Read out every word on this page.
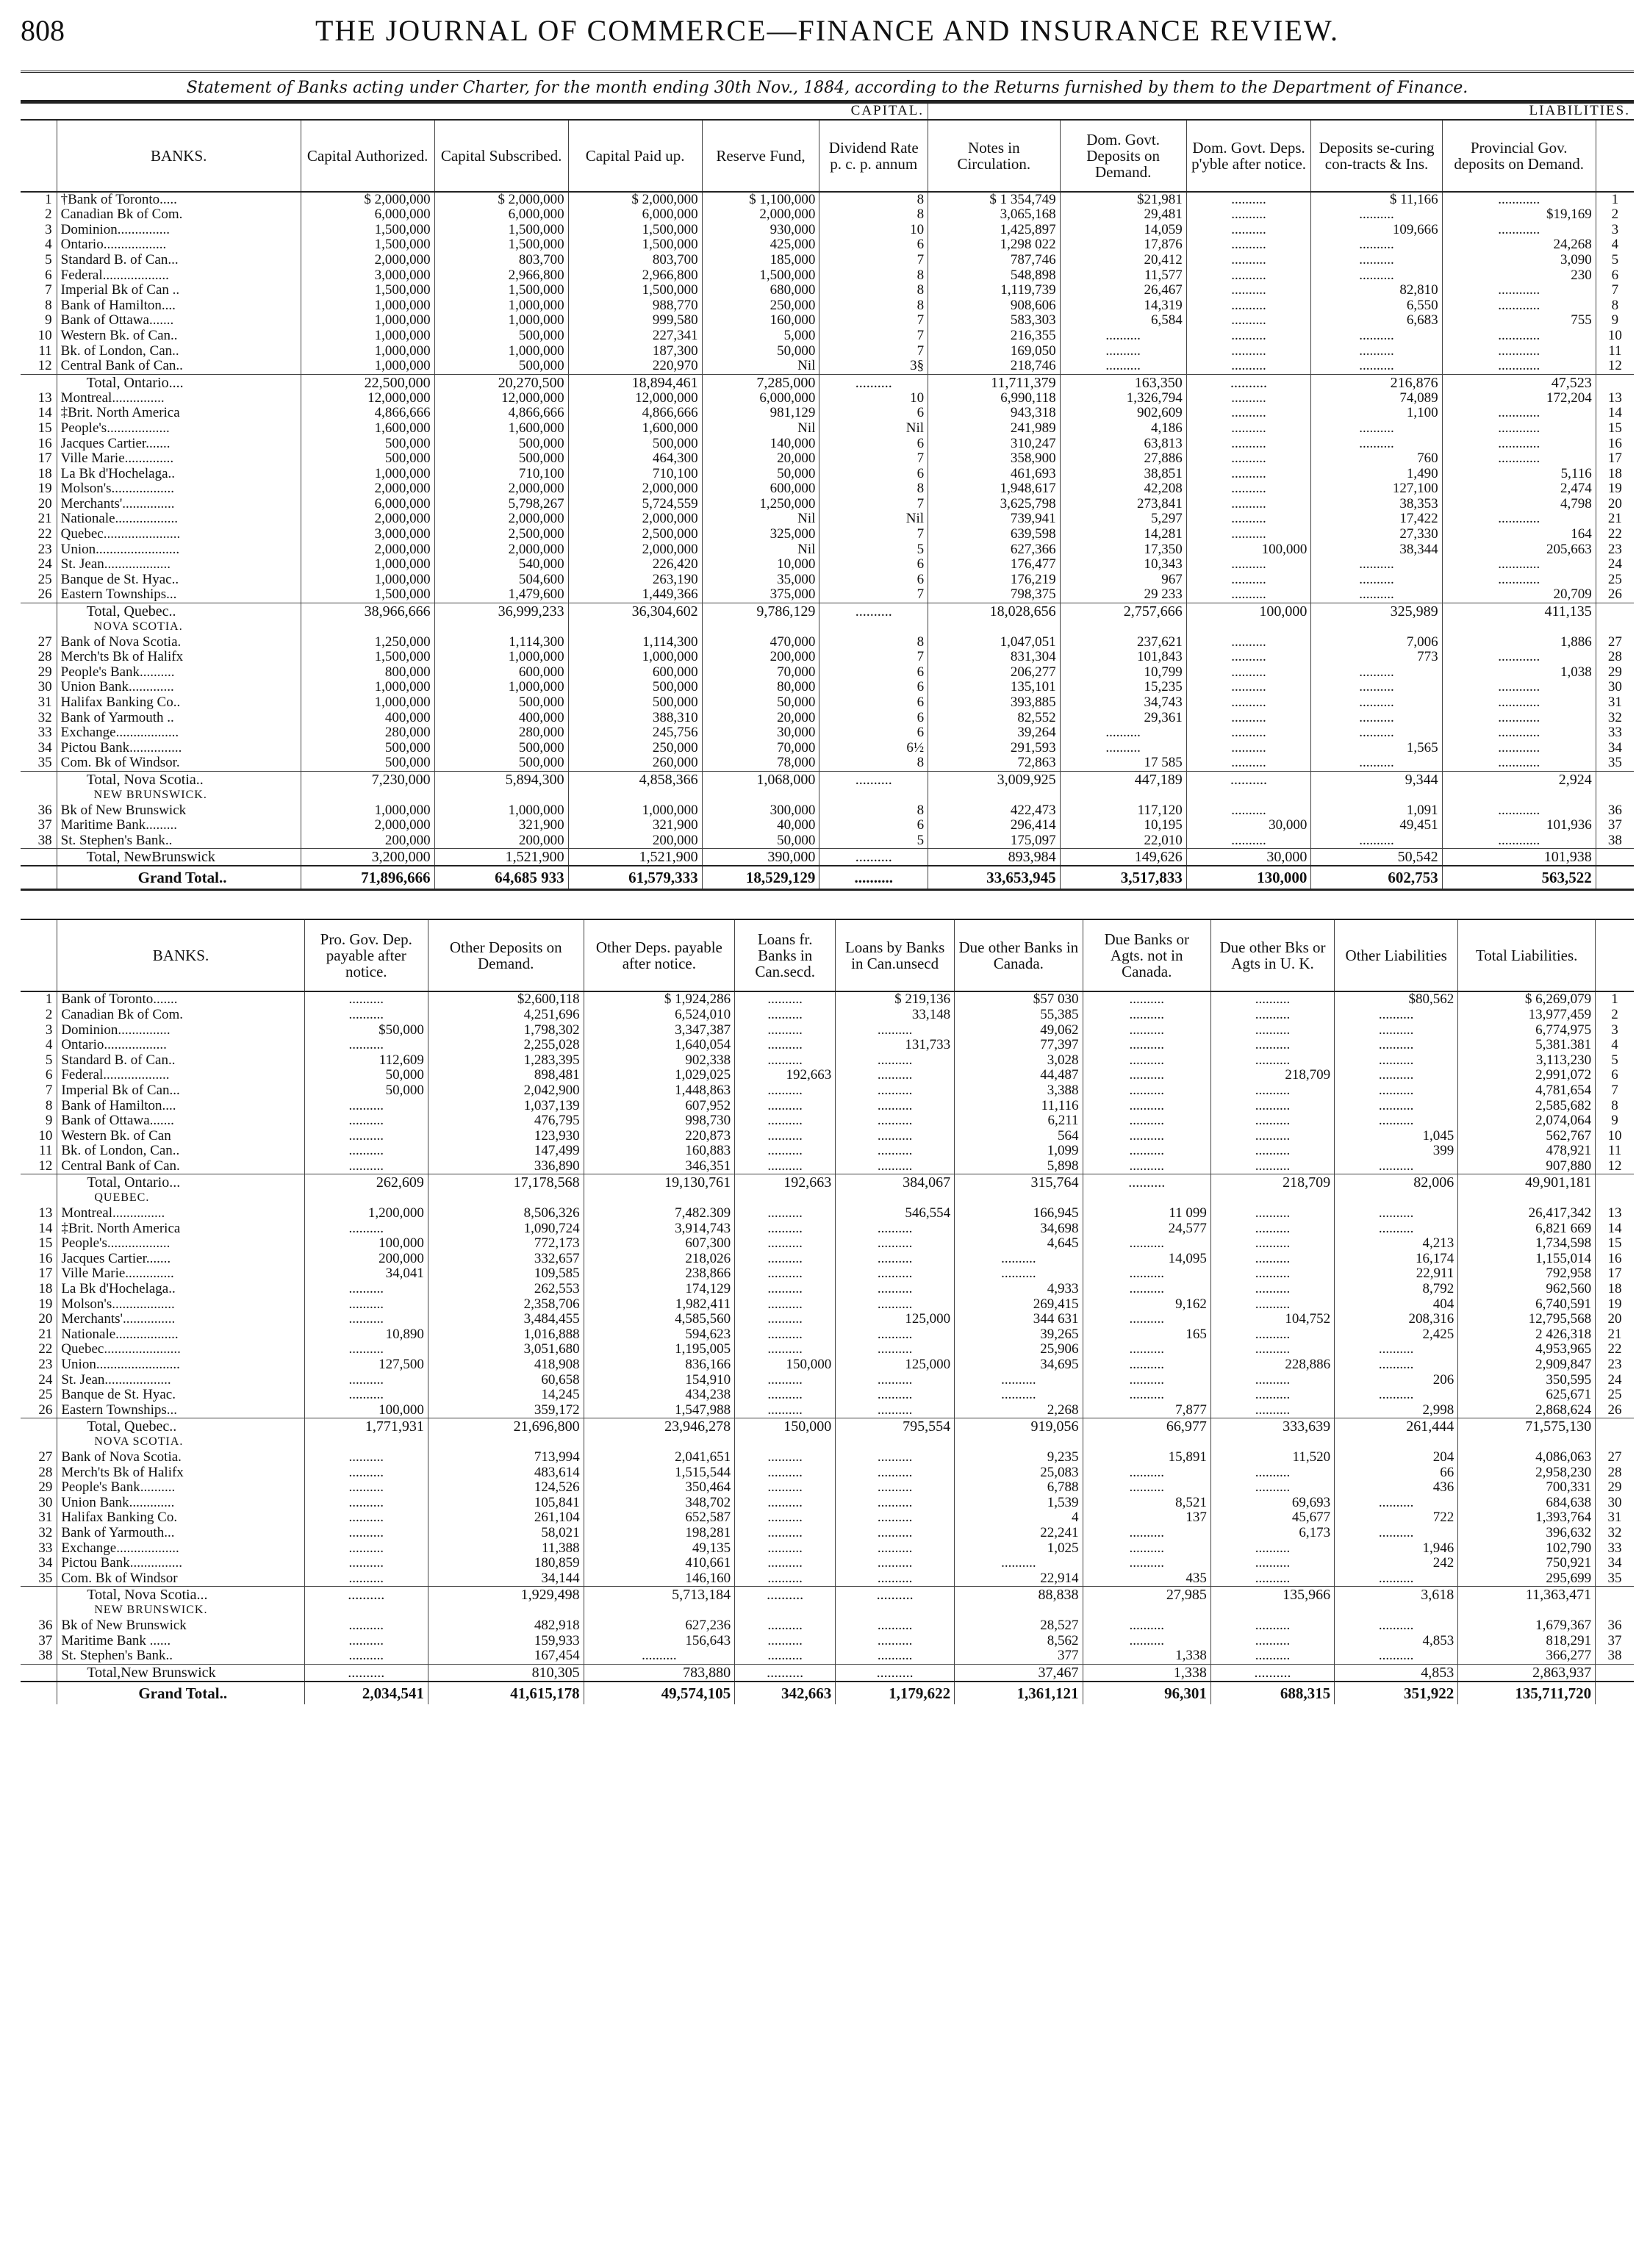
808	THE JOURNAL OF COMMERCE—FINANCE AND INSURANCE REVIEW.
Statement of Banks acting under Charter, for the month ending 30th Nov., 1884, according to the Returns furnished by them to the Department of Finance.
CAPITAL.							LIABILITIES.					
	BANKS.	Capital Authorized.	Capital Subscribed.	Capital Paid up.	Reserve Fund,	Dividend Rate p. c. p. annum	Notes in Circulation.	Dom. Govt. Deposits on Demand.	Dom. Govt. Deps. p'yble after notice.	Deposits se-curing con-tracts & Ins.	Provincial Gov. deposits on Demand.	
1	†Bank of Toronto.....	$ 2,000,000	$ 2,000,000	$ 2,000,000	$ 1,100,000	8	$ 1 354,749	$21,981	..........	$ 11,166	............	1
2	Canadian Bk of Com.	6,000,000	6,000,000	6,000,000	2,000,000	8	3,065,168	29,481	..........	..........	$19,169	2
3	Dominion...............	1,500,000	1,500,000	1,500,000	930,000	10	1,425,897	14,059	..........	109,666	............	3
4	Ontario..................	1,500,000	1,500,000	1,500,000	425,000	6	1,298 022	17,876	..........	..........	24,268	4
5	Standard B. of Can...	2,000,000	803,700	803,700	185,000	7	787,746	20,412	..........	..........	3,090	5
6	Federal...................	3,000,000	2,966,800	2,966,800	1,500,000	8	548,898	11,577	..........	..........	230	6
7	Imperial Bk of Can ..	1,500,000	1,500,000	1,500,000	680,000	8	1,119,739	26,467	..........	82,810	............	7
8	Bank of Hamilton....	1,000,000	1,000,000	988,770	250,000	8	908,606	14,319	..........	6,550	............	8
9	Bank of Ottawa.......	1,000,000	1,000,000	999,580	160,000	7	583,303	6,584	..........	6,683	755	9
10	Western Bk. of Can..	1,000,000	500,000	227,341	5,000	7	216,355	..........	..........	..........	............	10
11	Bk. of London, Can..	1,000,000	1,000,000	187,300	50,000	7	169,050	..........	..........	..........	............	11
12	Central Bank of Can..	1,000,000	500,000	220,970	Nil	3§	218,746	..........	..........	..........	............	12
	Total, Ontario....	22,500,000	20,270,500	18,894,461	7,285,000	..........	11,711,379	163,350	..........	216,876	47,523	
13	Montreal...............	12,000,000	12,000,000	12,000,000	6,000,000	10	6,990,118	1,326,794	..........	74,089	172,204	13
14	‡Brit. North America	4,866,666	4,866,666	4,866,666	981,129	6	943,318	902,609	..........	1,100	............	14
15	People's..................	1,600,000	1,600,000	1,600,000	Nil	Nil	241,989	4,186	..........	..........	............	15
16	Jacques Cartier.......	500,000	500,000	500,000	140,000	6	310,247	63,813	..........	..........	............	16
17	Ville Marie..............	500,000	500,000	464,300	20,000	7	358,900	27,886	..........	760	............	17
18	La Bk d'Hochelaga..	1,000,000	710,100	710,100	50,000	6	461,693	38,851	..........	1,490	5,116	18
19	Molson's..................	2,000,000	2,000,000	2,000,000	600,000	8	1,948,617	42,208	..........	127,100	2,474	19
20	Merchants'...............	6,000,000	5,798,267	5,724,559	1,250,000	7	3,625,798	273,841	..........	38,353	4,798	20
21	Nationale..................	2,000,000	2,000,000	2,000,000	Nil	Nil	739,941	5,297	..........	17,422	............	21
22	Quebec......................	3,000,000	2,500,000	2,500,000	325,000	7	639,598	14,281	..........	27,330	164	22
23	Union........................	2,000,000	2,000,000	2,000,000	Nil	5	627,366	17,350	100,000	38,344	205,663	23
24	St. Jean...................	1,000,000	540,000	226,420	10,000	6	176,477	10,343	..........	..........	............	24
25	Banque de St. Hyac..	1,000,000	504,600	263,190	35,000	6	176,219	967	..........	..........	............	25
26	Eastern Townships...	1,500,000	1,479,600	1,449,366	375,000	7	798,375	29 233	..........	..........	20,709	26
	Total, Quebec..	38,966,666	36,999,233	36,304,602	9,786,129	..........	18,028,656	2,757,666	100,000	325,989	411,135	
	NOVA SCOTIA.											
27	Bank of Nova Scotia.	1,250,000	1,114,300	1,114,300	470,000	8	1,047,051	237,621	..........	7,006	1,886	27
28	Merch'ts Bk of Halifx	1,500,000	1,000,000	1,000,000	200,000	7	831,304	101,843	..........	773	............	28
29	People's Bank..........	800,000	600,000	600,000	70,000	6	206,277	10,799	..........	..........	1,038	29
30	Union Bank.............	1,000,000	1,000,000	500,000	80,000	6	135,101	15,235	..........	..........	............	30
31	Halifax Banking Co..	1,000,000	500,000	500,000	50,000	6	393,885	34,743	..........	..........	............	31
32	Bank of Yarmouth ..	400,000	400,000	388,310	20,000	6	82,552	29,361	..........	..........	............	32
33	Exchange..................	280,000	280,000	245,756	30,000	6	39,264	..........	..........	..........	............	33
34	Pictou Bank...............	500,000	500,000	250,000	70,000	6½	291,593	..........	..........	1,565	............	34
35	Com. Bk of Windsor.	500,000	500,000	260,000	78,000	8	72,863	17 585	..........	..........	............	35
	Total, Nova Scotia..	7,230,000	5,894,300	4,858,366	1,068,000	..........	3,009,925	447,189	..........	9,344	2,924	
	NEW BRUNSWICK.											
36	Bk of New Brunswick	1,000,000	1,000,000	1,000,000	300,000	8	422,473	117,120	..........	1,091	............	36
37	Maritime Bank.........	2,000,000	321,900	321,900	40,000	6	296,414	10,195	30,000	49,451	101,936	37
38	St. Stephen's Bank..	200,000	200,000	200,000	50,000	5	175,097	22,010	..........	..........	............	38
	Total, NewBrunswick	3,200,000	1,521,900	1,521,900	390,000	..........	893,984	149,626	30,000	50,542	101,938	
	Grand Total..	71,896,666	64,685 933	61,579,333	18,529,129	..........	33,653,945	3,517,833	130,000	602,753	563,522	
	BANKS.	Pro. Gov. Dep. payable after notice.	Other Deposits on Demand.	Other Deps. payable after notice.	Loans fr. Banks in Can.secd.	Loans by Banks in Can.unsecd	Due other Banks in Canada.	Due Banks or Agts. not in Canada.	Due other Bks or Agts in U. K.	Other Liabilities	Total Liabilities.	
1	Bank of Toronto.......	..........	$2,600,118	$ 1,924,286	..........	$ 219,136	$57 030	..........	..........	$80,562	$ 6,269,079	1
2	Canadian Bk of Com.	..........	4,251,696	6,524,010	..........	33,148	55,385	..........	..........	..........	13,977,459	2
3	Dominion...............	$50,000	1,798,302	3,347,387	..........	..........	49,062	..........	..........	..........	6,774,975	3
4	Ontario..................	..........	2,255,028	1,640,054	..........	131,733	77,397	..........	..........	..........	5,381.381	4
5	Standard B. of Can..	112,609	1,283,395	902,338	..........	..........	3,028	..........	..........	..........	3,113,230	5
6	Federal...................	50,000	898,481	1,029,025	192,663	..........	44,487	..........	218,709	..........	2,991,072	6
7	Imperial Bk of Can...	50,000	2,042,900	1,448,863	..........	..........	3,388	..........	..........	..........	4,781,654	7
8	Bank of Hamilton....	..........	1,037,139	607,952	..........	..........	11,116	..........	..........	..........	2,585,682	8
9	Bank of Ottawa.......	..........	476,795	998,730	..........	..........	6,211	..........	..........	..........	2,074,064	9
10	Western Bk. of Can	..........	123,930	220,873	..........	..........	564	..........	..........	1,045	562,767	10
11	Bk. of London, Can..	..........	147,499	160,883	..........	..........	1,099	..........	..........	399	478,921	11
12	Central Bank of Can.	..........	336,890	346,351	..........	..........	5,898	..........	..........	..........	907,880	12
	Total, Ontario...	262,609	17,178,568	19,130,761	192,663	384,067	315,764	..........	218,709	82,006	49,901,181	
	QUEBEC.											
13	Montreal...............	1,200,000	8,506,326	7,482.309	..........	546,554	166,945	11 099	..........	..........	26,417,342	13
14	‡Brit. North America	..........	1,090,724	3,914,743	..........	..........	34,698	24,577	..........	..........	6,821 669	14
15	People's..................	100,000	772,173	607,300	..........	..........	4,645	..........	..........	4,213	1,734,598	15
16	Jacques Cartier.......	200,000	332,657	218,026	..........	..........	..........	14,095	..........	16,174	1,155,014	16
17	Ville Marie..............	34,041	109,585	238,866	..........	..........	..........	..........	..........	22,911	792,958	17
18	La Bk d'Hochelaga..	..........	262,553	174,129	..........	..........	4,933	..........	..........	8,792	962,560	18
19	Molson's..................	..........	2,358,706	1,982,411	..........	..........	269,415	9,162	..........	404	6,740,591	19
20	Merchants'...............	..........	3,484,455	4,585,560	..........	125,000	344 631	..........	104,752	208,316	12,795,568	20
21	Nationale..................	10,890	1,016,888	594,623	..........	..........	39,265	165	..........	2,425	2 426,318	21
22	Quebec......................	..........	3,051,680	1,195,005	..........	..........	25,906	..........	..........	..........	4,953,965	22
23	Union........................	127,500	418,908	836,166	150,000	125,000	34,695	..........	228,886	..........	2,909,847	23
24	St. Jean...................	..........	60,658	154,910	..........	..........	..........	..........	..........	206	350,595	24
25	Banque de St. Hyac.	..........	14,245	434,238	..........	..........	..........	..........	..........	..........	625,671	25
26	Eastern Townships...	100,000	359,172	1,547,988	..........	..........	2,268	7,877	..........	2,998	2,868,624	26
	Total, Quebec..	1,771,931	21,696,800	23,946,278	150,000	795,554	919,056	66,977	333,639	261,444	71,575,130	
	NOVA SCOTIA.											
27	Bank of Nova Scotia.	..........	713,994	2,041,651	..........	..........	9,235	15,891	11,520	204	4,086,063	27
28	Merch'ts Bk of Halifx	..........	483,614	1,515,544	..........	..........	25,083	..........	..........	66	2,958,230	28
29	People's Bank..........	..........	124,526	350,464	..........	..........	6,788	..........	..........	436	700,331	29
30	Union Bank.............	..........	105,841	348,702	..........	..........	1,539	8,521	69,693	..........	684,638	30
31	Halifax Banking Co.	..........	261,104	652,587	..........	..........	4	137	45,677	722	1,393,764	31
32	Bank of Yarmouth...	..........	58,021	198,281	..........	..........	22,241	..........	6,173	..........	396,632	32
33	Exchange..................	..........	11,388	49,135	..........	..........	1,025	..........	..........	1,946	102,790	33
34	Pictou Bank...............	..........	180,859	410,661	..........	..........	..........	..........	..........	242	750,921	34
35	Com. Bk of Windsor	..........	34,144	146,160	..........	..........	22,914	435	..........	..........	295,699	35
	Total, Nova Scotia...	..........	1,929,498	5,713,184	..........	..........	88,838	27,985	135,966	3,618	11,363,471	
	NEW BRUNSWICK.											
36	Bk of New Brunswick	..........	482,918	627,236	..........	..........	28,527	..........	..........	..........	1,679,367	36
37	Maritime Bank ......	..........	159,933	156,643	..........	..........	8,562	..........	..........	4,853	818,291	37
38	St. Stephen's Bank..	..........	167,454	..........	..........	..........	377	1,338	..........	..........	366,277	38
	Total,New Brunswick	..........	810,305	783,880	..........	..........	37,467	1,338	..........	4,853	2,863,937	
	Grand Total..	2,034,541	41,615,178	49,574,105	342,663	1,179,622	1,361,121	96,301	688,315	351,922	135,711,720	
